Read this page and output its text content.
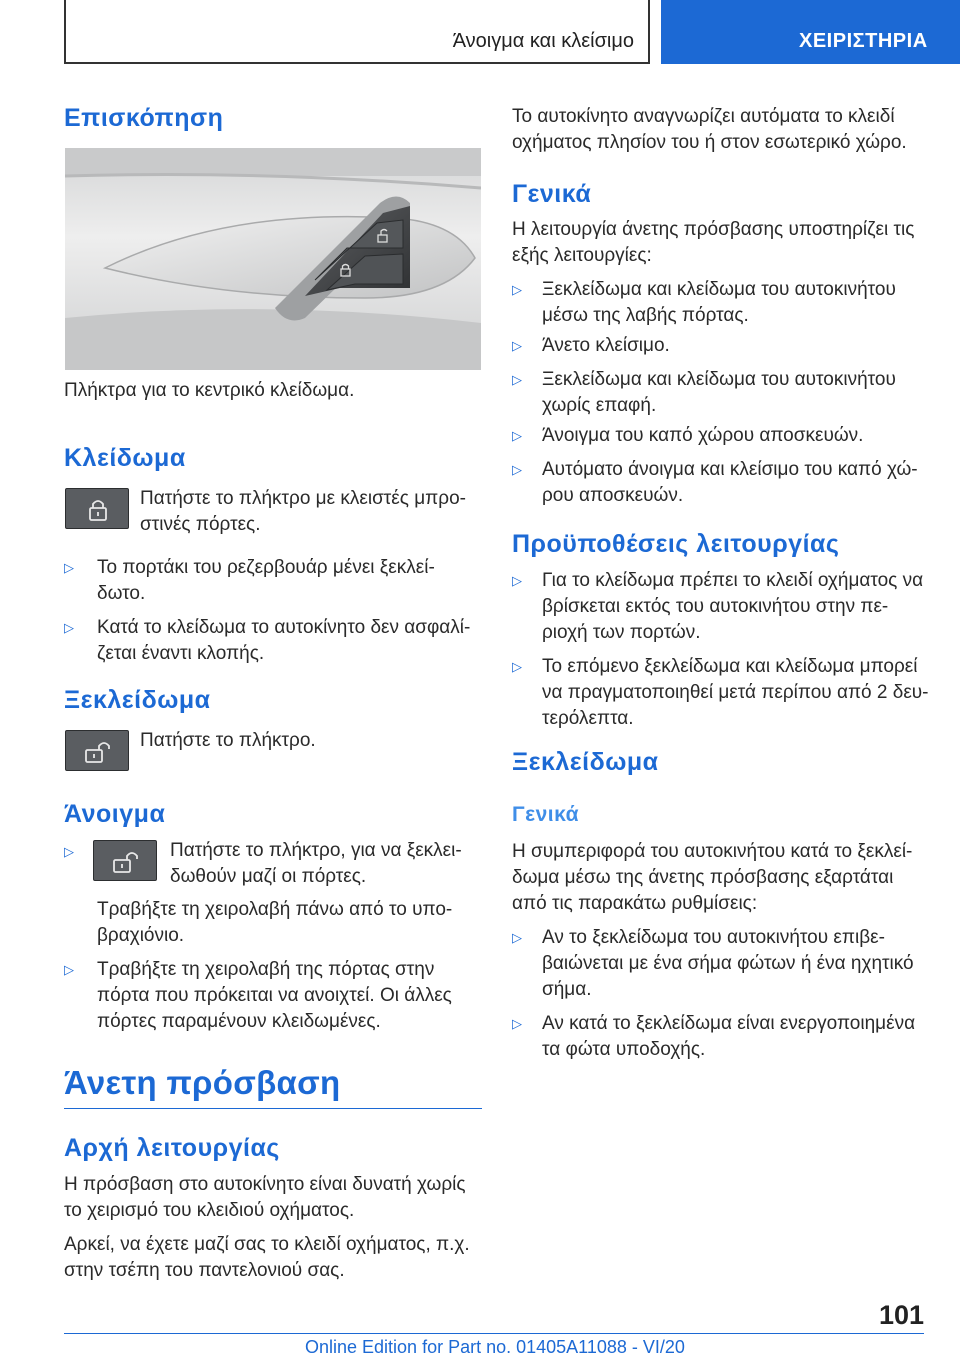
Άνοιγμα και κλείσιμο	ΧΕΙΡΙΣΤΗΡΙΑ
Επισκόπηση
Πλήκτρα για το κεντρικό κλείδωμα.
Κλείδωμα
Πατήστε το πλήκτρο με κλειστές μπρο-
στινές πόρτες.
▷ Το πορτάκι του ρεζερβουάρ μένει ξεκλεί-
δωτο.
▷ Κατά το κλείδωμα το αυτοκίνητο δεν ασφαλί-
ζεται έναντι κλοπής.
Ξεκλείδωμα
Πατήστε το πλήκτρο.
Άνοιγμα
▷	Πατήστε το πλήκτρο, για να ξεκλει-
δωθούν μαζί οι πόρτες.
Τραβήξτε τη χειρολαβή πάνω από το υπο-
βραχιόνιο.
▷ Τραβήξτε τη χειρολαβή της πόρτας στην
πόρτα που πρόκειται να ανοιχτεί. Οι άλλες
πόρτες παραμένουν κλειδωμένες.
Άνετη πρόσβαση
Αρχή λειτουργίας
Η πρόσβαση στο αυτοκίνητο είναι δυνατή χωρίς
το χειρισμό του κλειδιού οχήματος.
Αρκεί, να έχετε μαζί σας το κλειδί οχήματος, π.χ.
στην τσέπη του παντελονιού σας.
Το αυτοκίνητο αναγνωρίζει αυτόματα το κλειδί
οχήματος πλησίον του ή στον εσωτερικό χώρο.
Γενικά
Η λειτουργία άνετης πρόσβασης υποστηρίζει τις
εξής λειτουργίες:
▷ Ξεκλείδωμα και κλείδωμα του αυτοκινήτου
μέσω της λαβής πόρτας.
▷ Άνετο κλείσιμο.
▷ Ξεκλείδωμα και κλείδωμα του αυτοκινήτου
χωρίς επαφή.
▷ Άνοιγμα του καπό χώρου αποσκευών.
▷ Αυτόματο άνοιγμα και κλείσιμο του καπό χώ-
ρου αποσκευών.
Προϋποθέσεις λειτουργίας
▷ Για το κλείδωμα πρέπει το κλειδί οχήματος να
βρίσκεται εκτός του αυτοκινήτου στην πε-
ριοχή των πορτών.
▷ Το επόμενο ξεκλείδωμα και κλείδωμα μπορεί
να πραγματοποιηθεί μετά περίπου από 2 δευ-
τερόλεπτα.
Ξεκλείδωμα
Γενικά
Η συμπεριφορά του αυτοκινήτου κατά το ξεκλεί-
δωμα μέσω της άνετης πρόσβασης εξαρτάται
από τις παρακάτω ρυθμίσεις:
▷ Αν το ξεκλείδωμα του αυτοκινήτου επιβε-
βαιώνεται με ένα σήμα φώτων ή ένα ηχητικό
σήμα.
▷ Αν κατά το ξεκλείδωμα είναι ενεργοποιημένα
τα φώτα υποδοχής.
101
Online Edition for Part no. 01405A11088 - VI/20
